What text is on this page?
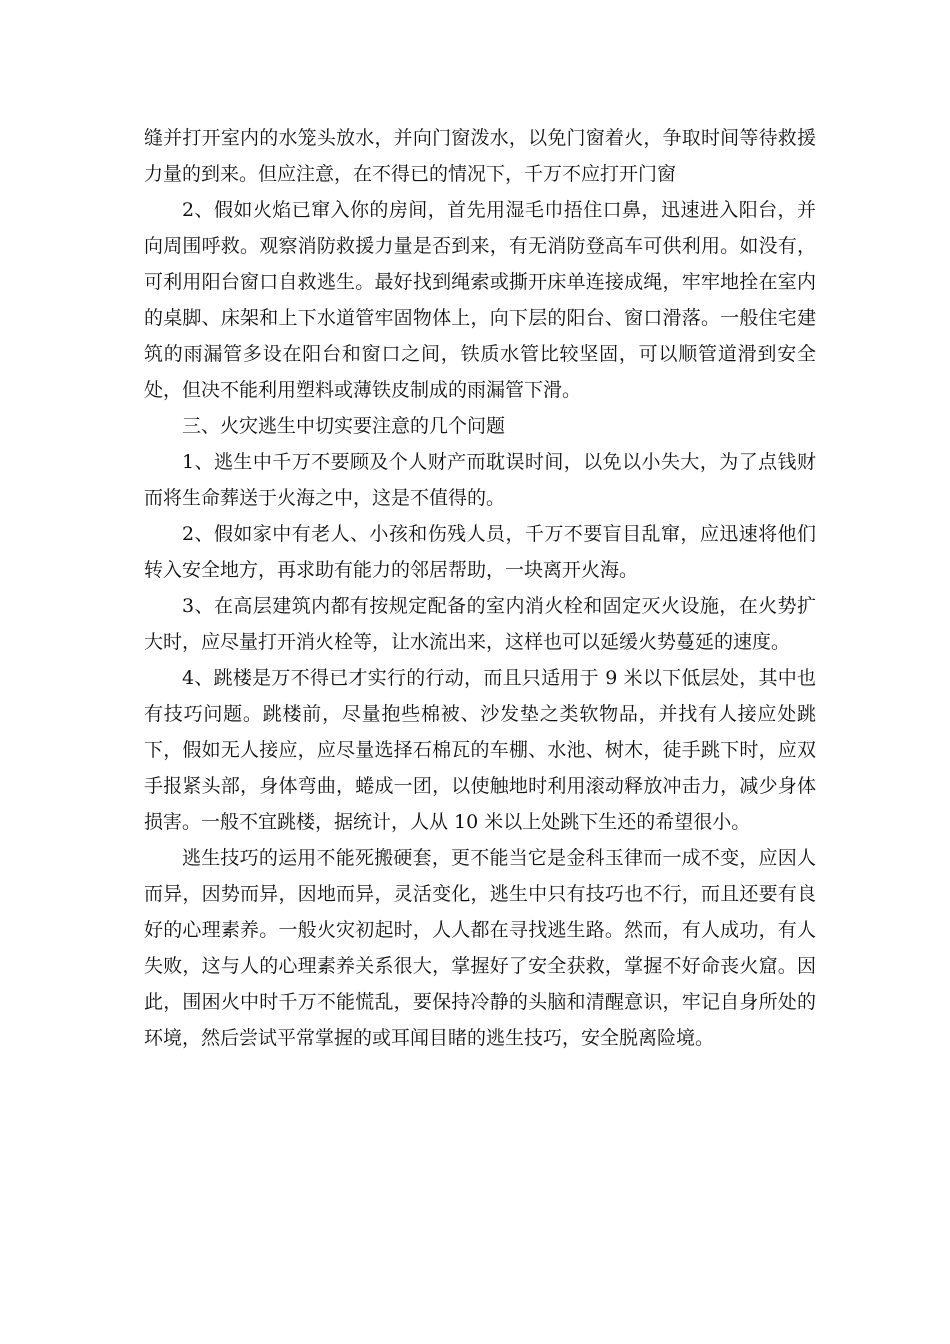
缝并打开室内的水笼头放水，并向门窗泼水，以免门窗着火，争取时间等待救援力量的到来。但应注意，在不得已的情况下，千万不应打开门窗

2、假如火焰已窜入你的房间，首先用湿毛巾捂住口鼻，迅速进入阳台，并向周围呼救。观察消防救援力量是否到来，有无消防登高车可供利用。如没有，可利用阳台窗口自救逃生。最好找到绳索或撕开床单连接成绳，牢牢地拴在室内的桌脚、床架和上下水道管牢固物体上，向下层的阳台、窗口滑落。一般住宅建筑的雨漏管多设在阳台和窗口之间，铁质水管比较坚固，可以顺管道滑到安全处，但决不能利用塑料或薄铁皮制成的雨漏管下滑。

三、火灾逃生中切实要注意的几个问题

1、逃生中千万不要顾及个人财产而耽误时间，以免以小失大，为了点钱财而将生命葬送于火海之中，这是不值得的。

2、假如家中有老人、小孩和伤残人员，千万不要盲目乱窜，应迅速将他们转入安全地方，再求助有能力的邻居帮助，一块离开火海。

3、在高层建筑内都有按规定配备的室内消火栓和固定灭火设施，在火势扩大时，应尽量打开消火栓等，让水流出来，这样也可以延缓火势蔓延的速度。

4、跳楼是万不得已才实行的行动，而且只适用于 9 米以下低层处，其中也有技巧问题。跳楼前，尽量抱些棉被、沙发垫之类软物品，并找有人接应处跳下，假如无人接应，应尽量选择石棉瓦的车棚、水池、树木，徒手跳下时，应双手报紧头部，身体弯曲，蜷成一团，以使触地时利用滚动释放冲击力，减少身体损害。一般不宜跳楼，据统计，人从 10 米以上处跳下生还的希望很小。

逃生技巧的运用不能死搬硬套，更不能当它是金科玉律而一成不变，应因人而异，因势而异，因地而异，灵活变化，逃生中只有技巧也不行，而且还要有良好的心理素养。一般火灾初起时，人人都在寻找逃生路。然而，有人成功，有人失败，这与人的心理素养关系很大，掌握好了安全获救，掌握不好命丧火窟。因此，围困火中时千万不能慌乱，要保持冷静的头脑和清醒意识，牢记自身所处的环境，然后尝试平常掌握的或耳闻目睹的逃生技巧，安全脱离险境。
